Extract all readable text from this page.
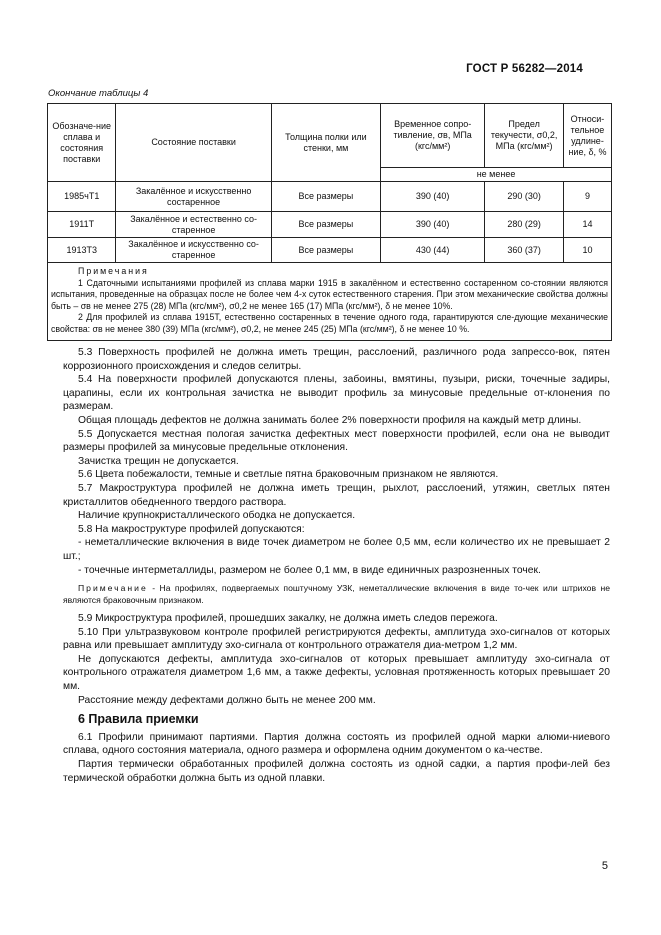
ГОСТ Р 56282—2014
Окончание таблицы 4
Обозначе-ние сплава и состояния поставки	Состояние поставки	Толщина полки или стенки, мм	Временное сопро-тивление, σв, МПа (кгс/мм²)	Предел текучести, σ0,2, МПа (кгс/мм²)	Относи-тельное удлине-ние, δ, %
			не менее		
1985чТ1	Закалённое и искусственно состаренное	Все размеры	390 (40)	290 (30)	9
1911Т	Закалённое и естественно со-старенное	Все размеры	390 (40)	280 (29)	14
1913Т3	Закалённое и искусственно со-старенное	Все размеры	430 (44)	360 (37)	10

Примечания

1 Сдаточными испытаниями профилей из сплава марки 1915 в закалённом и естественно состаренном со-стоянии являются испытания, проведенные на образцах после не более чем 4-х суток естественного старения. При этом механические свойства должны быть – σв не менее 275 (28) МПа (кгс/мм²), σ0,2 не менее 165 (17) МПа (кгс/мм²), δ не менее 10%.

2 Для профилей из сплава 1915Т, естественно состаренных в течение одного года, гарантируются сле-дующие механические свойства: σв не менее 380 (39) МПа (кгс/мм²), σ0,2, не менее 245 (25) МПа (кгс/мм²), δ не менее 10 %.

5.3 Поверхность профилей не должна иметь трещин, расслоений, различного рода запрессо-вок, пятен коррозионного происхождения и следов селитры.

5.4 На поверхности профилей допускаются плены, забоины, вмятины, пузыри, риски, точечные задиры, царапины, если их контрольная зачистка не выводит профиль за минусовые предельные от-клонения по размерам.

Общая площадь дефектов не должна занимать более 2% поверхности профиля на каждый метр длины.

5.5 Допускается местная пологая зачистка дефектных мест поверхности профилей, если она не выводит размеры профилей за минусовые предельные отклонения.

Зачистка трещин не допускается.

5.6 Цвета побежалости, темные и светлые пятна браковочным признаком не являются.

5.7 Макроструктура профилей не должна иметь трещин, рыхлот, расслоений, утяжин, светлых пятен кристаллитов обедненного твердого раствора.

Наличие крупнокристаллического ободка не допускается.

5.8 На макроструктуре профилей допускаются:

- неметаллические включения в виде точек диаметром не более 0,5 мм, если количество их не превышает 2 шт.;

- точечные интерметаллиды, размером не более 0,1 мм, в виде единичных разрозненных точек.

Примечание - На профилях, подвергаемых поштучному УЗК, неметаллические включения в виде то-чек или штрихов не являются браковочным признаком.

5.9 Микроструктура профилей, прошедших закалку, не должна иметь следов пережога.

5.10 При ультразвуковом контроле профилей регистрируются дефекты, амплитуда эхо-сигналов от которых равна или превышает амплитуду эхо-сигнала от контрольного отражателя диа-метром 1,2 мм.

Не допускаются дефекты, амплитуда эхо-сигналов от которых превышает амплитуду эхо-сигнала от контрольного отражателя диаметром 1,6 мм, а также дефекты, условная протяженность которых превышает 20 мм.

Расстояние между дефектами должно быть не менее 200 мм.

6 Правила приемки

6.1 Профили принимают партиями. Партия должна состоять из профилей одной марки алюми-ниевого сплава, одного состояния материала, одного размера и оформлена одним документом о ка-честве.

Партия термически обработанных профилей должна состоять из одной садки, а партия профи-лей без термической обработки должна быть из одной плавки.

5
